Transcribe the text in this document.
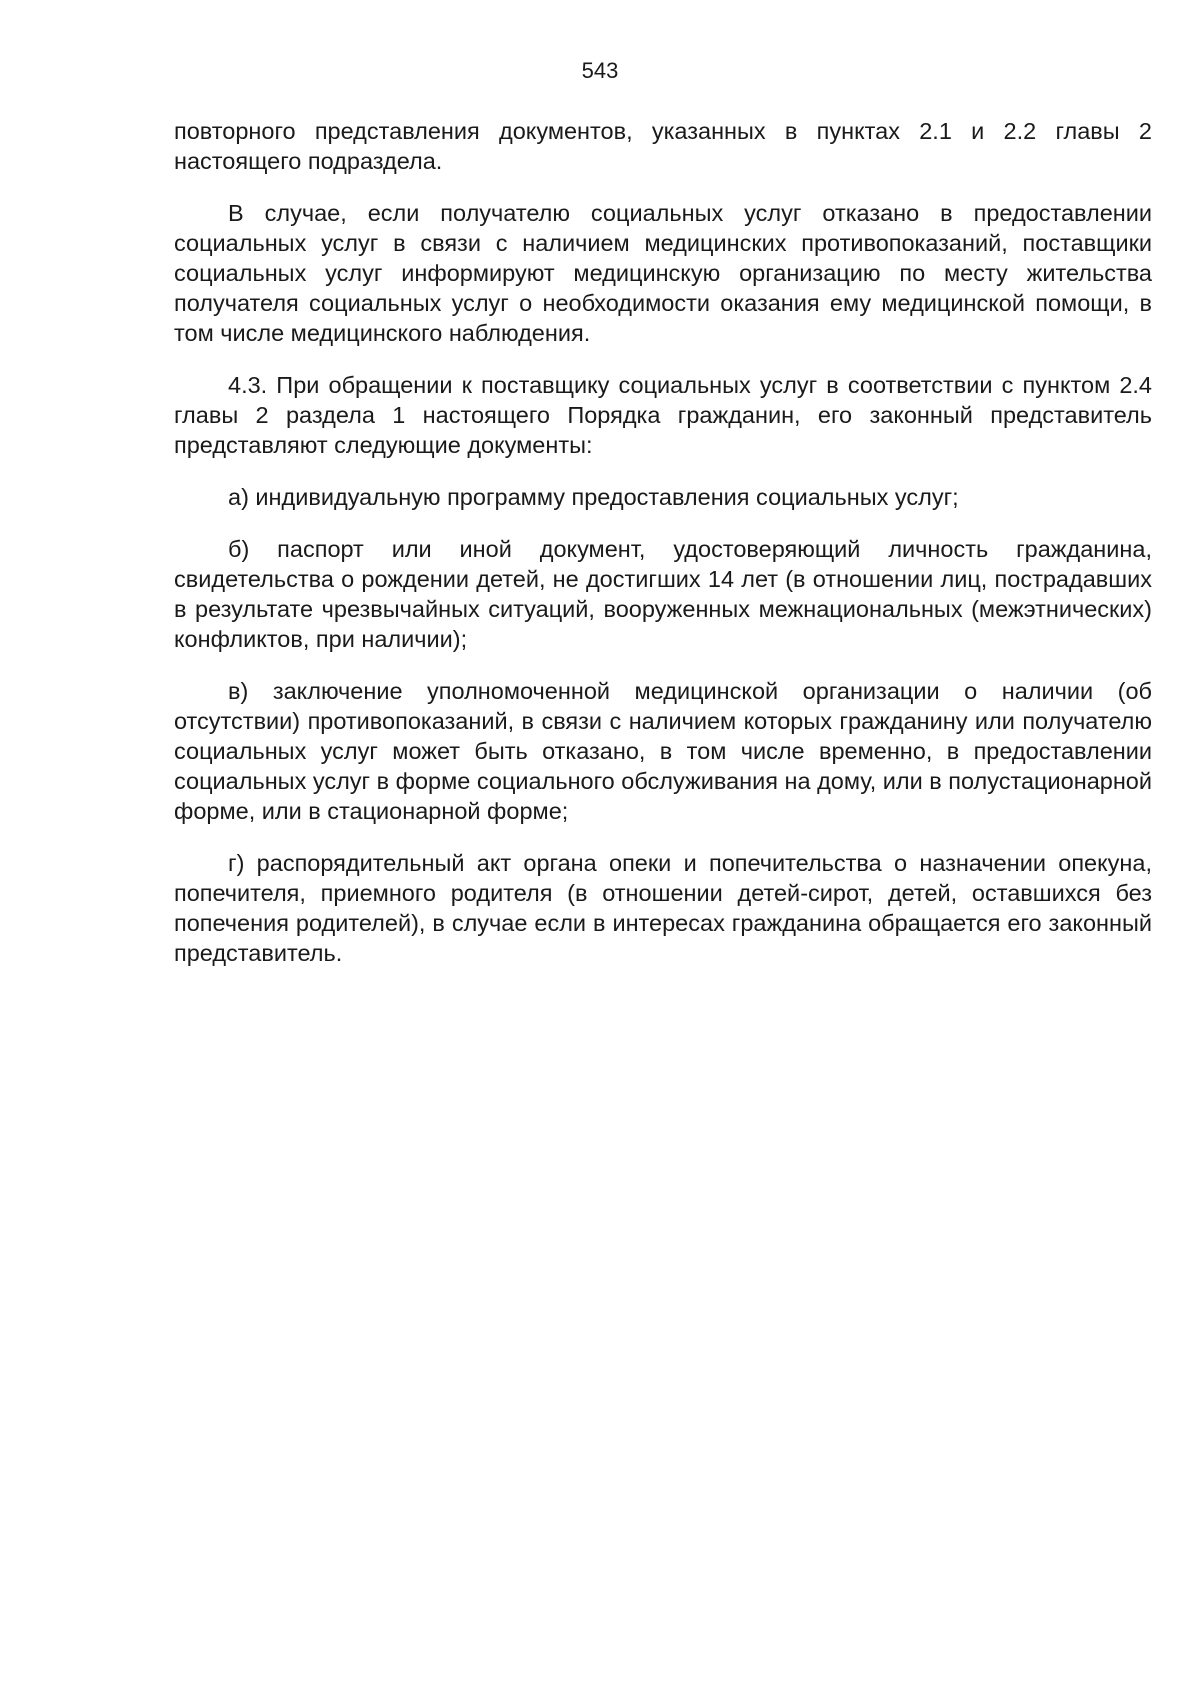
543

повторного представления документов, указанных в пунктах 2.1 и 2.2 главы 2 настоящего подраздела.

В случае, если получателю социальных услуг отказано в предоставлении социальных услуг в связи с наличием медицинских противопоказаний, поставщики социальных услуг информируют медицинскую организацию по месту жительства получателя социальных услуг о необходимости оказания ему медицинской помощи, в том числе медицинского наблюдения.

4.3. При обращении к поставщику социальных услуг в соответствии с пунктом 2.4 главы 2 раздела 1 настоящего Порядка гражданин, его законный представитель представляют следующие документы:

а) индивидуальную программу предоставления социальных услуг;

б) паспорт или иной документ, удостоверяющий личность гражданина, свидетельства о рождении детей, не достигших 14 лет (в отношении лиц, пострадавших в результате чрезвычайных ситуаций, вооруженных межнациональных (межэтнических) конфликтов, при наличии);

в) заключение уполномоченной медицинской организации о наличии (об отсутствии) противопоказаний, в связи с наличием которых гражданину или получателю социальных услуг может быть отказано, в том числе временно, в предоставлении социальных услуг в форме социального обслуживания на дому, или в полустационарной форме, или в стационарной форме;

г) распорядительный акт органа опеки и попечительства о назначении опекуна, попечителя, приемного родителя (в отношении детей-сирот, детей, оставшихся без попечения родителей), в случае если в интересах гражданина обращается его законный представитель.
